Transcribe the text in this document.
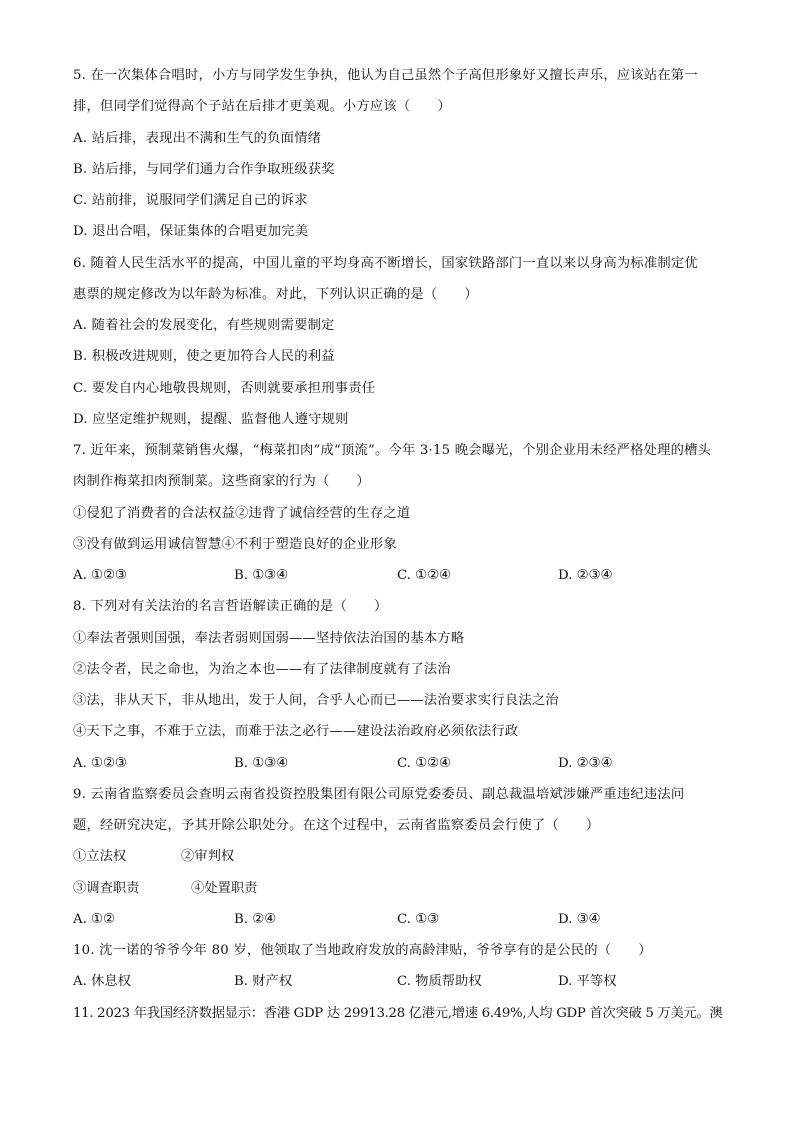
5. 在一次集体合唱时，小方与同学发生争执，他认为自己虽然个子高但形象好又擅长声乐，应该站在第一
排，但同学们觉得高个子站在后排才更美观。小方应该（　　）
A. 站后排，表现出不满和生气的负面情绪
B. 站后排，与同学们通力合作争取班级获奖
C. 站前排，说服同学们满足自己的诉求
D. 退出合唱，保证集体的合唱更加完美
6. 随着人民生活水平的提高，中国儿童的平均身高不断增长，国家铁路部门一直以来以身高为标准制定优
惠票的规定修改为以年龄为标准。对此，下列认识正确的是（　　）
A. 随着社会的发展变化，有些规则需要制定
B. 积极改进规则，使之更加符合人民的利益
C. 要发自内心地敬畏规则，否则就要承担刑事责任
D. 应坚定维护规则，提醒、监督他人遵守规则
7. 近年来，预制菜销售火爆，“梅菜扣肉”成“顶流”。今年 3·15 晚会曝光，个别企业用未经严格处理的槽头
肉制作梅菜扣肉预制菜。这些商家的行为（　　）
①侵犯了消费者的合法权益②违背了诚信经营的生存之道
③没有做到运用诚信智慧④不利于塑造良好的企业形象
A. ①②③	B. ①③④	C. ①②④	D. ②③④
8. 下列对有关法治的名言哲语解读正确的是（　　）
①奉法者强则国强，奉法者弱则国弱——坚持依法治国的基本方略
②法令者，民之命也，为治之本也——有了法律制度就有了法治
③法，非从天下，非从地出，发于人间，合乎人心而已——法治要求实行良法之治
④天下之事，不难于立法，而难于法之必行——建设法治政府必须依法行政
A. ①②③	B. ①③④	C. ①②④	D. ②③④
9. 云南省监察委员会查明云南省投资控股集团有限公司原党委委员、副总裁温培斌涉嫌严重违纪违法问
题，经研究决定，予其开除公职处分。在这个过程中，云南省监察委员会行使了（　　）
①立法权	②审判权
③调查职责	④处置职责
A. ①②	B. ②④	C. ①③	D. ③④
10. 沈一诺的爷爷今年 80 岁，他领取了当地政府发放的高龄津贴，爷爷享有的是公民的（　　）
A. 休息权	B. 财产权	C. 物质帮助权	D. 平等权
11. 2023 年我国经济数据显示：香港 GDP 达 29913.28 亿港元,增速 6.49%,人均 GDP 首次突破 5 万美元。澳
